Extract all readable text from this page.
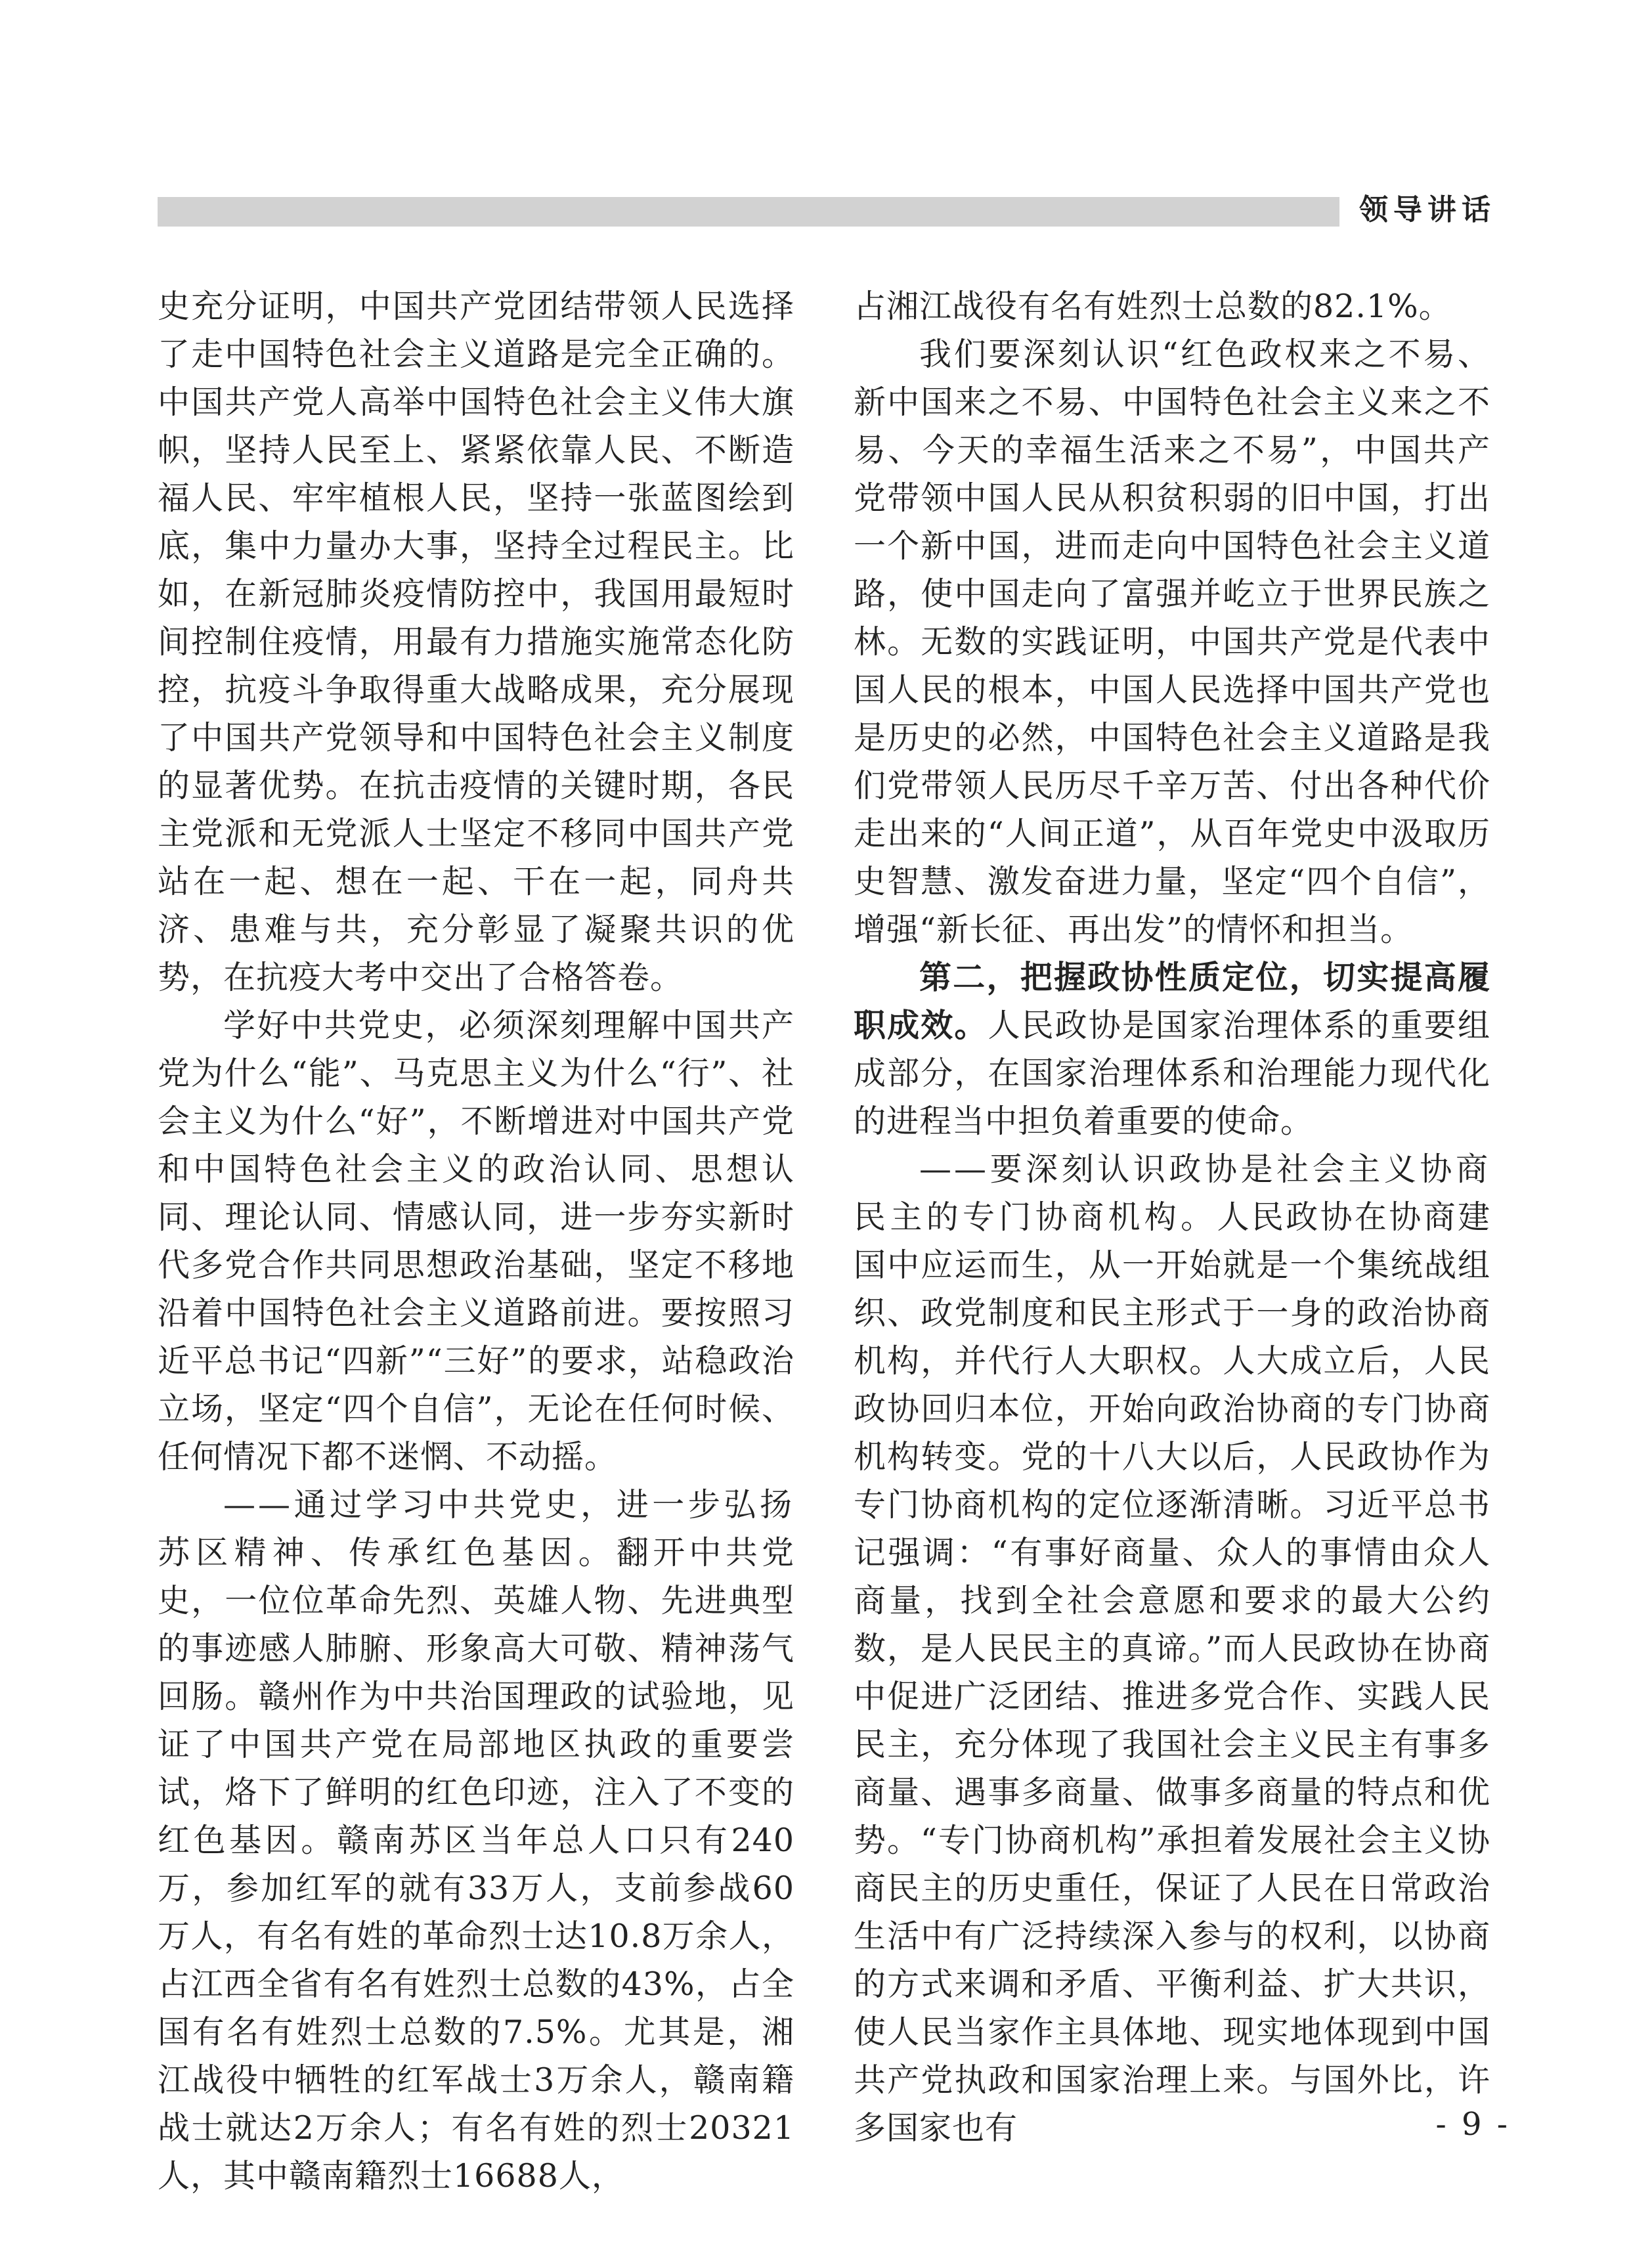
领导讲话

史充分证明，中国共产党团结带领人民选择了走中国特色社会主义道路是完全正确的。中国共产党人高举中国特色社会主义伟大旗帜，坚持人民至上、紧紧依靠人民、不断造福人民、牢牢植根人民，坚持一张蓝图绘到底，集中力量办大事，坚持全过程民主。比如，在新冠肺炎疫情防控中，我国用最短时间控制住疫情，用最有力措施实施常态化防控，抗疫斗争取得重大战略成果，充分展现了中国共产党领导和中国特色社会主义制度的显著优势。在抗击疫情的关键时期，各民主党派和无党派人士坚定不移同中国共产党站在一起、想在一起、干在一起，同舟共济、患难与共，充分彰显了凝聚共识的优势，在抗疫大考中交出了合格答卷。

学好中共党史，必须深刻理解中国共产党为什么“能”、马克思主义为什么“行”、社会主义为什么“好”，不断增进对中国共产党和中国特色社会主义的政治认同、思想认同、理论认同、情感认同，进一步夯实新时代多党合作共同思想政治基础，坚定不移地沿着中国特色社会主义道路前进。要按照习近平总书记“四新”“三好”的要求，站稳政治立场，坚定“四个自信”，无论在任何时候、任何情况下都不迷惘、不动摇。

——通过学习中共党史，进一步弘扬苏区精神、传承红色基因。翻开中共党史，一位位革命先烈、英雄人物、先进典型的事迹感人肺腑、形象高大可敬、精神荡气回肠。赣州作为中共治国理政的试验地，见证了中国共产党在局部地区执政的重要尝试，烙下了鲜明的红色印迹，注入了不变的红色基因。赣南苏区当年总人口只有240万，参加红军的就有33万人，支前参战60万人，有名有姓的革命烈士达10.8万余人，占江西全省有名有姓烈士总数的43%，占全国有名有姓烈士总数的7.5%。尤其是，湘江战役中牺牲的红军战士3万余人，赣南籍战士就达2万余人；有名有姓的烈士20321人，其中赣南籍烈士16688人，

占湘江战役有名有姓烈士总数的82.1%。

我们要深刻认识“红色政权来之不易、新中国来之不易、中国特色社会主义来之不易、今天的幸福生活来之不易”，中国共产党带领中国人民从积贫积弱的旧中国，打出一个新中国，进而走向中国特色社会主义道路，使中国走向了富强并屹立于世界民族之林。无数的实践证明，中国共产党是代表中国人民的根本，中国人民选择中国共产党也是历史的必然，中国特色社会主义道路是我们党带领人民历尽千辛万苦、付出各种代价走出来的“人间正道”，从百年党史中汲取历史智慧、激发奋进力量，坚定“四个自信”，增强“新长征、再出发”的情怀和担当。

第二，把握政协性质定位，切实提高履职成效。人民政协是国家治理体系的重要组成部分，在国家治理体系和治理能力现代化的进程当中担负着重要的使命。

——要深刻认识政协是社会主义协商民主的专门协商机构。人民政协在协商建国中应运而生，从一开始就是一个集统战组织、政党制度和民主形式于一身的政治协商机构，并代行人大职权。人大成立后，人民政协回归本位，开始向政治协商的专门协商机构转变。党的十八大以后，人民政协作为专门协商机构的定位逐渐清晰。习近平总书记强调：“有事好商量、众人的事情由众人商量，找到全社会意愿和要求的最大公约数，是人民民主的真谛。”而人民政协在协商中促进广泛团结、推进多党合作、实践人民民主，充分体现了我国社会主义民主有事多商量、遇事多商量、做事多商量的特点和优势。“专门协商机构”承担着发展社会主义协商民主的历史重任，保证了人民在日常政治生活中有广泛持续深入参与的权利，以协商的方式来调和矛盾、平衡利益、扩大共识，使人民当家作主具体地、现实地体现到中国共产党执政和国家治理上来。与国外比，许多国家也有	- 9 -
